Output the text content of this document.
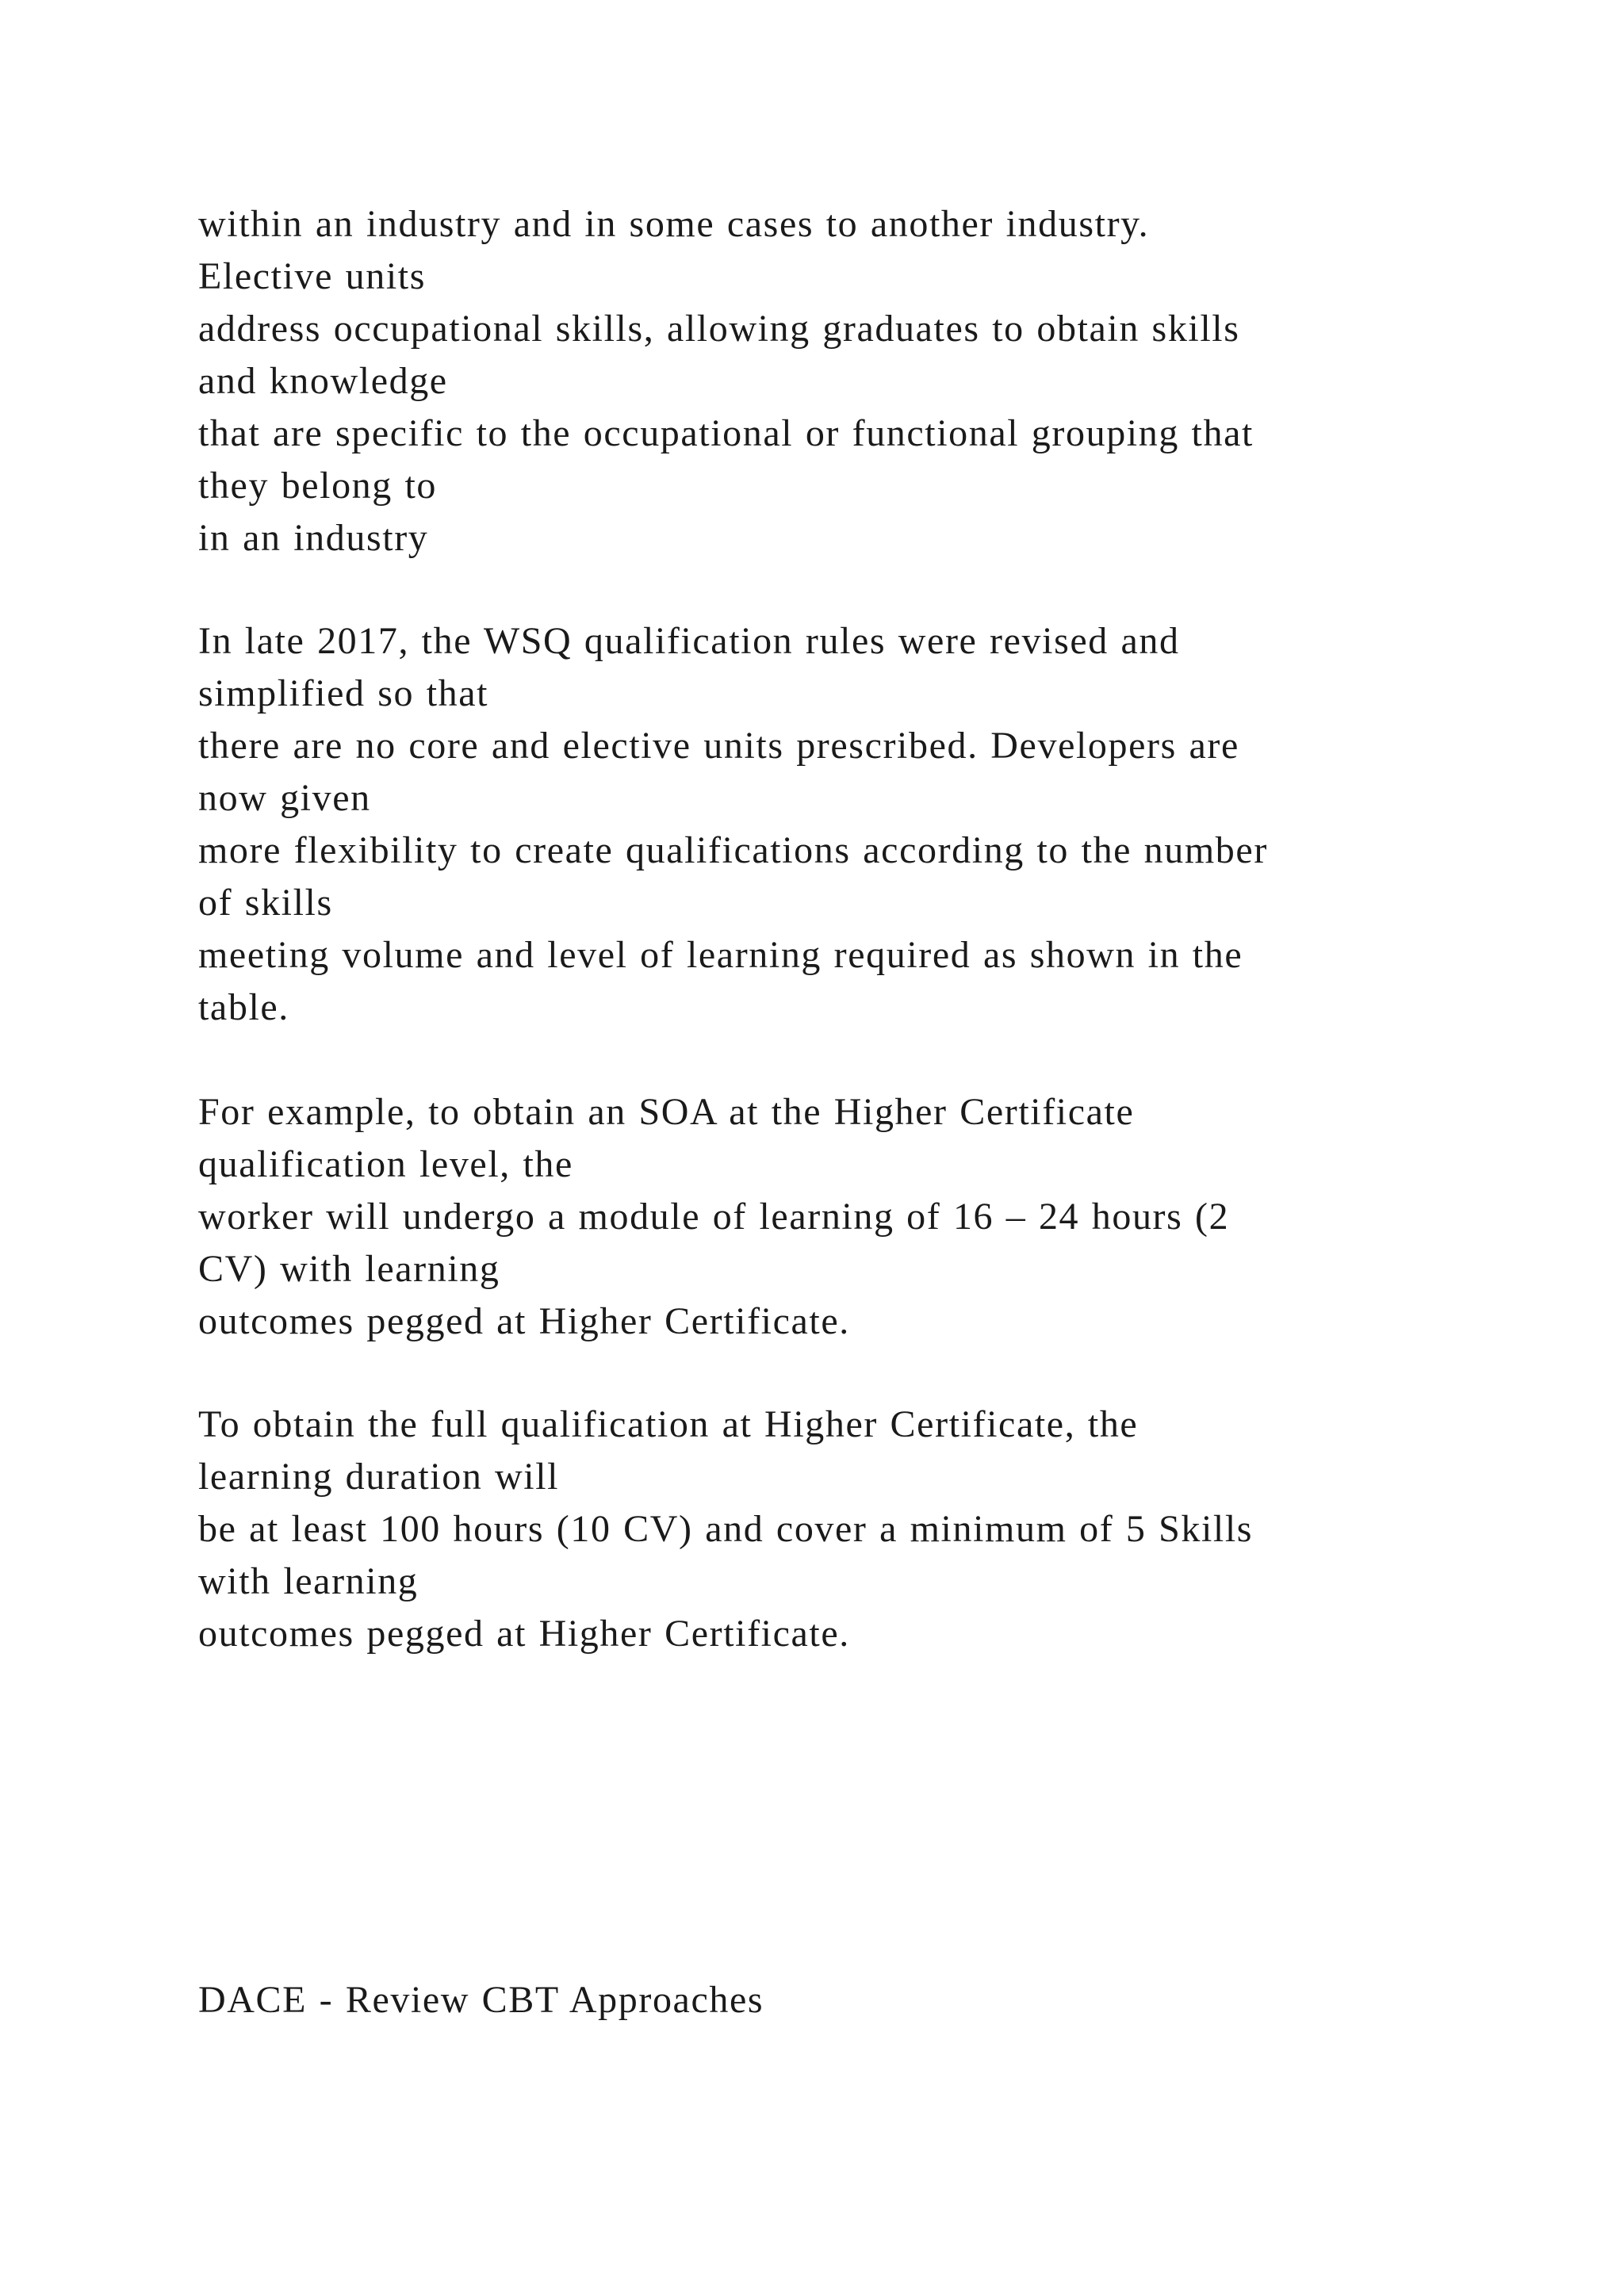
within an industry and in some cases to another industry.
Elective units
address occupational skills, allowing graduates to obtain skills
and knowledge
that are specific to the occupational or functional grouping that
they belong to
in an industry

In late 2017, the WSQ qualification rules were revised and
simplified so that
there are no core and elective units prescribed. Developers are
now given
more flexibility to create qualifications according to the number
of skills
meeting volume and level of learning required as shown in the
table.

For example, to obtain an SOA at the Higher Certificate
qualification level, the
worker will undergo a module of learning of 16 – 24 hours (2
CV) with learning
outcomes pegged at Higher Certificate.

To obtain the full qualification at Higher Certificate, the
learning duration will
be at least 100 hours (10 CV) and cover a minimum of 5 Skills
with learning
outcomes pegged at Higher Certificate.

DACE - Review CBT Approaches
